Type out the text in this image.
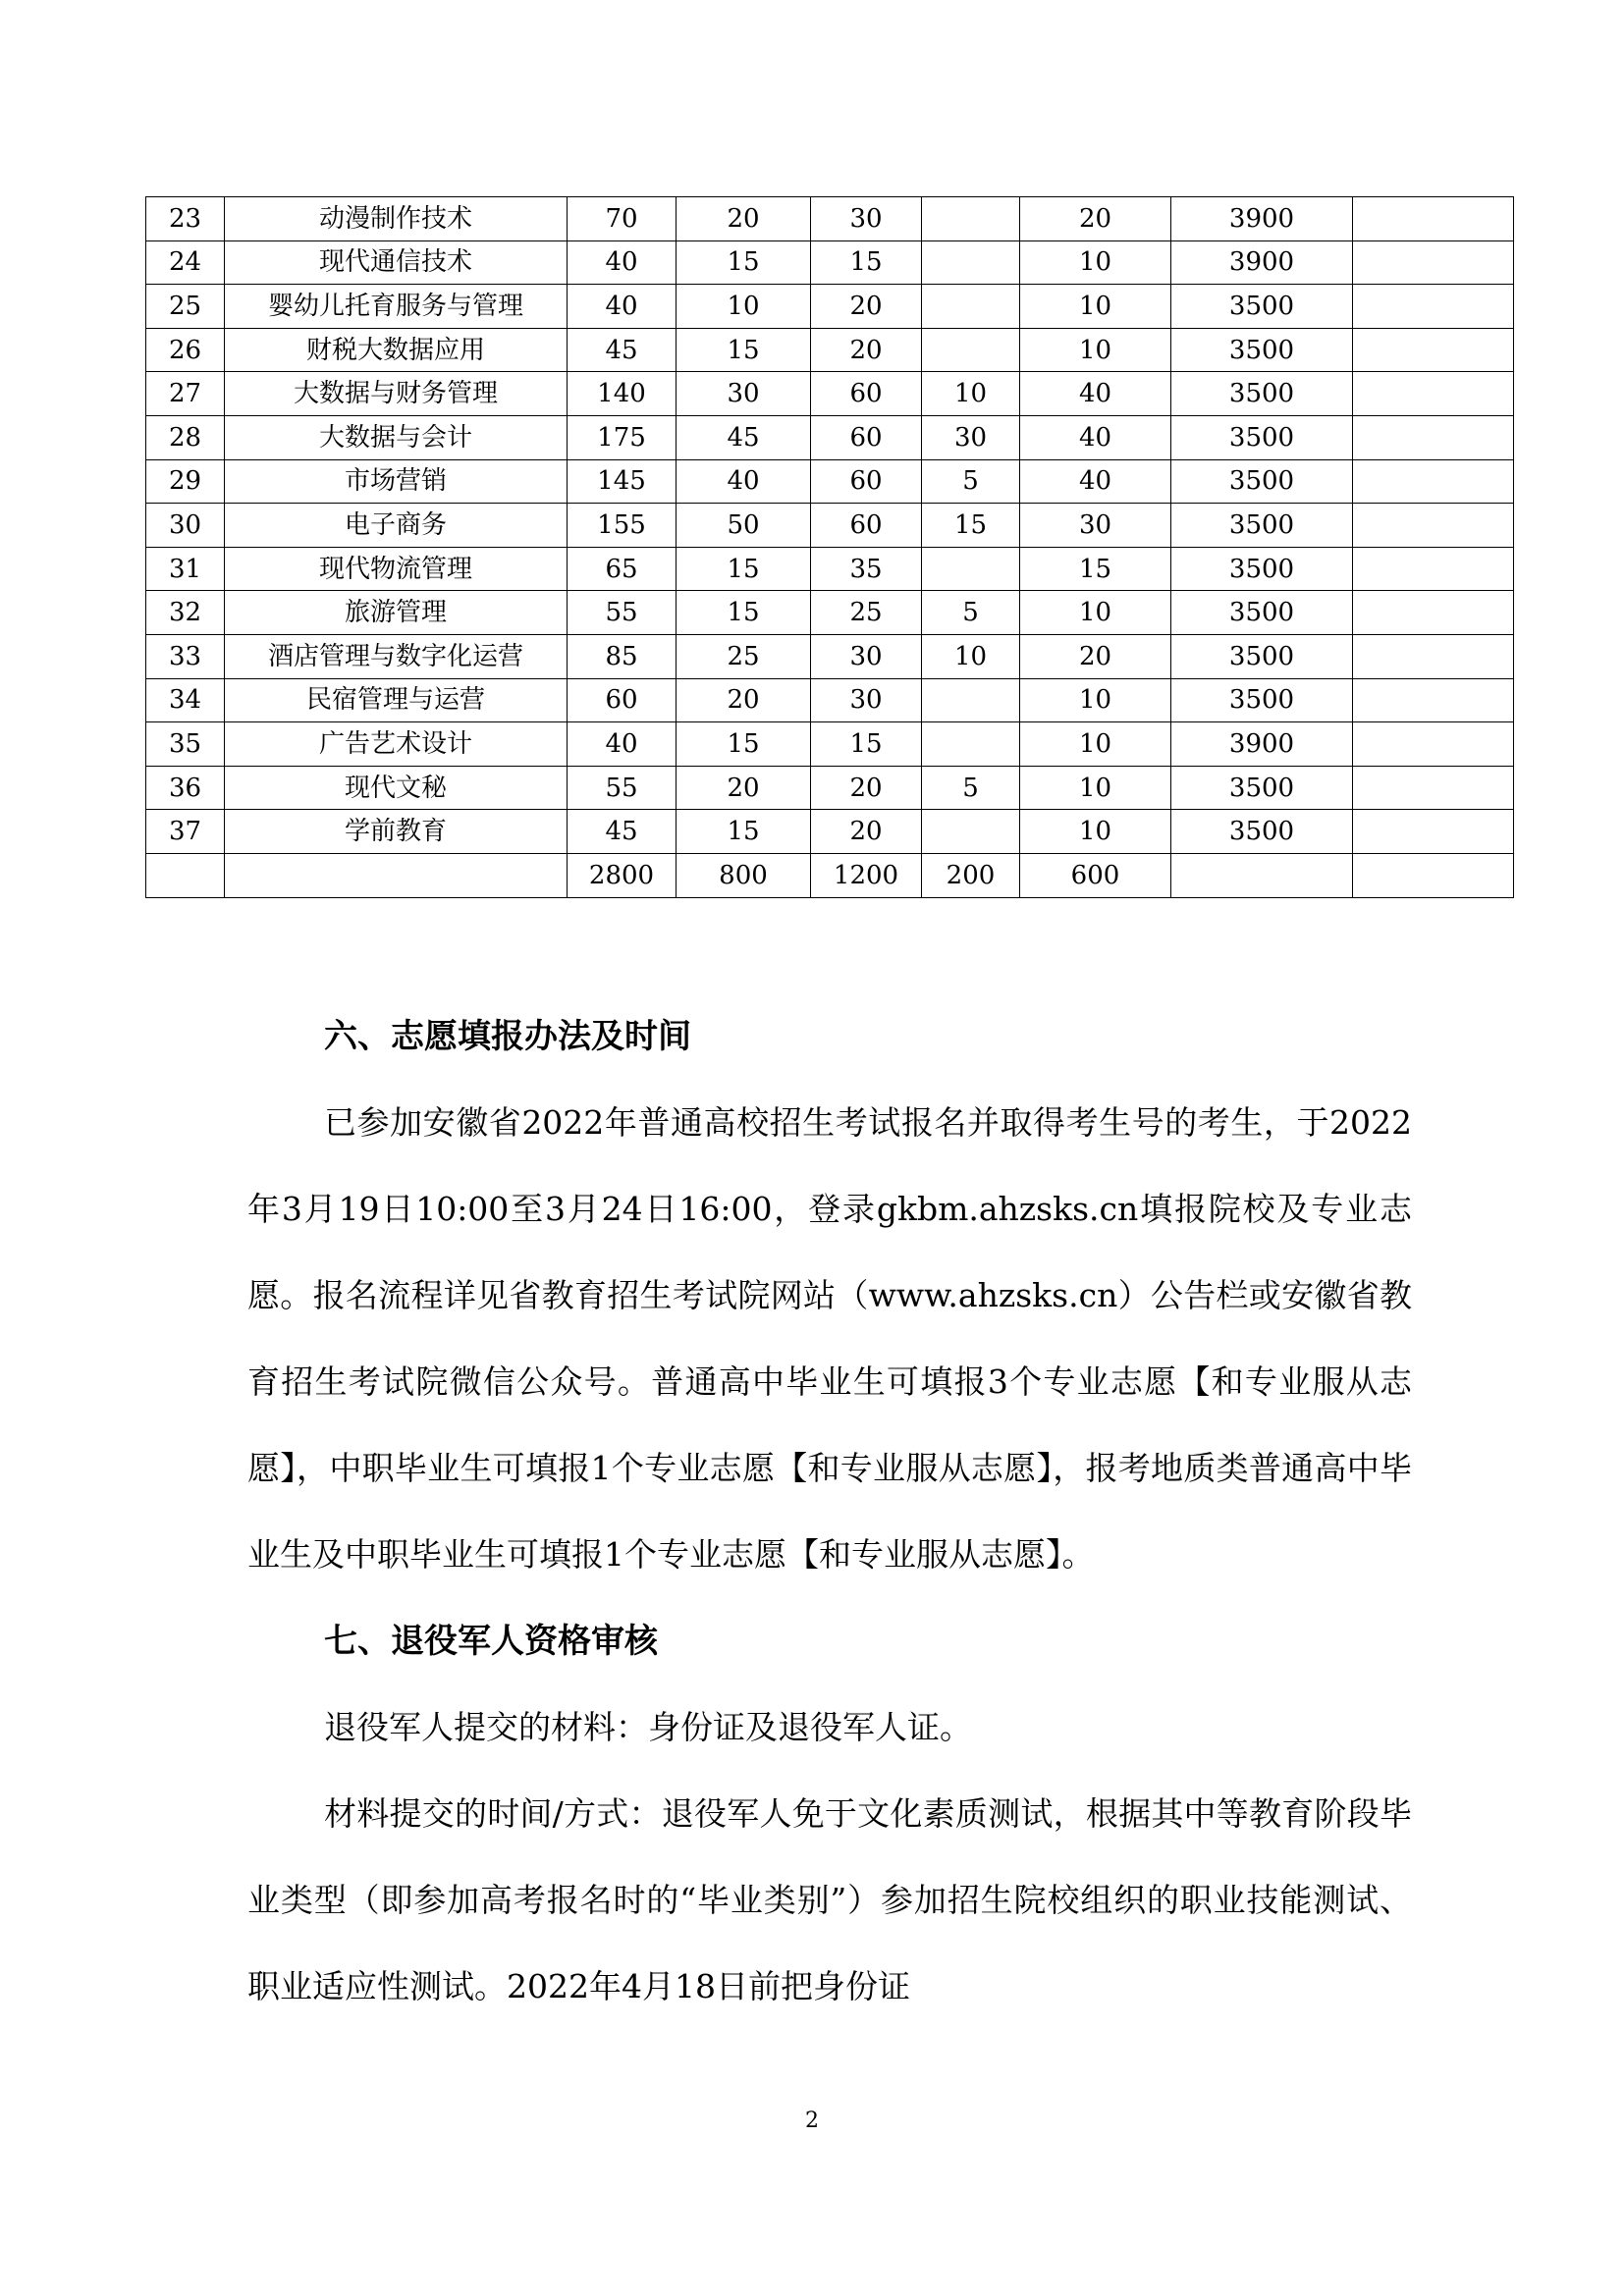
23	动漫制作技术	70	20	30		20	3900	
24	现代通信技术	40	15	15		10	3900	
25	婴幼儿托育服务与管理	40	10	20		10	3500	
26	财税大数据应用	45	15	20		10	3500	
27	大数据与财务管理	140	30	60	10	40	3500	
28	大数据与会计	175	45	60	30	40	3500	
29	市场营销	145	40	60	5	40	3500	
30	电子商务	155	50	60	15	30	3500	
31	现代物流管理	65	15	35		15	3500	
32	旅游管理	55	15	25	5	10	3500	
33	酒店管理与数字化运营	85	25	30	10	20	3500	
34	民宿管理与运营	60	20	30		10	3500	
35	广告艺术设计	40	15	15		10	3900	
36	现代文秘	55	20	20	5	10	3500	
37	学前教育	45	15	20		10	3500	
		2800	800	1200	200	600		
六、志愿填报办法及时间

已参加安徽省2022年普通高校招生考试报名并取得考生号的考生，于2022年3月19日10:00至3月24日16:00，登录gkbm.ahzsks.cn填报院校及专业志愿。报名流程详见省教育招生考试院网站（www.ahzsks.cn）公告栏或安徽省教育招生考试院微信公众号。普通高中毕业生可填报3个专业志愿【和专业服从志愿】，中职毕业生可填报1个专业志愿【和专业服从志愿】，报考地质类普通高中毕业生及中职毕业生可填报1个专业志愿【和专业服从志愿】。

七、退役军人资格审核

退役军人提交的材料：身份证及退役军人证。

材料提交的时间/方式：退役军人免于文化素质测试，根据其中等教育阶段毕业类型（即参加高考报名时的“毕业类别”）参加招生院校组织的职业技能测试、职业适应性测试。2022年4月18日前把身份证

2
